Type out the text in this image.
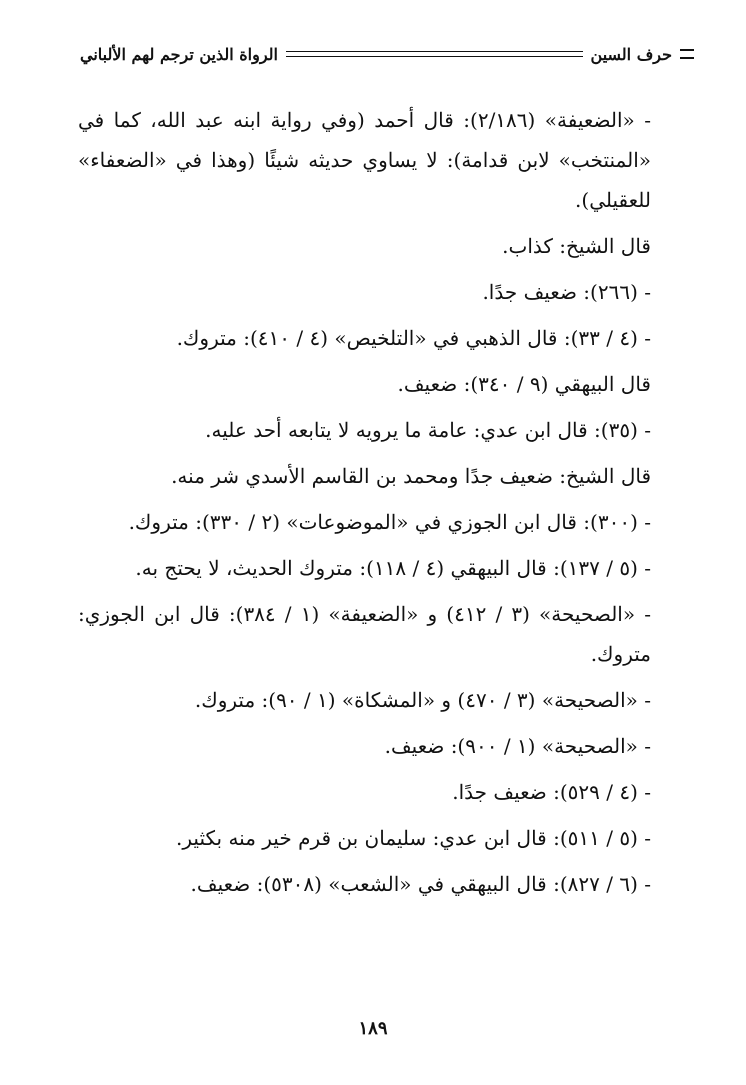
حرف السين
الرواة الذين ترجم لهم الألباني

- «الضعيفة» (٢/١٨٦): قال أحمد (وفي رواية ابنه عبد الله، كما في «المنتخب» لابن قدامة): لا يساوي حديثه شيئًا (وهذا في «الضعفاء» للعقيلي).

قال الشيخ: كذاب.

- (٢٦٦): ضعيف جدًا.

- (٤ / ٣٣): قال الذهبي في «التلخيص» (٤ / ٤١٠): متروك.

قال البيهقي (٩ / ٣٤٠): ضعيف.

- (٣٥): قال ابن عدي: عامة ما يرويه لا يتابعه أحد عليه.

قال الشيخ: ضعيف جدًا ومحمد بن القاسم الأسدي شر منه.

- (٣٠٠): قال ابن الجوزي في «الموضوعات» (٢ / ٣٣٠): متروك.

- (٥ / ١٣٧): قال البيهقي (٤ / ١١٨): متروك الحديث، لا يحتج به.

- «الصحيحة» (٣ / ٤١٢) و «الضعيفة» (١ / ٣٨٤): قال ابن الجوزي: متروك.

- «الصحيحة» (٣ / ٤٧٠) و «المشكاة» (١ / ٩٠): متروك.

- «الصحيحة» (١ / ٩٠٠): ضعيف.

- (٤ / ٥٢٩): ضعيف جدًا.

- (٥ / ٥١١): قال ابن عدي: سليمان بن قرم خير منه بكثير.

- (٦ / ٨٢٧): قال البيهقي في «الشعب» (٥٣٠٨): ضعيف.

١٨٩
